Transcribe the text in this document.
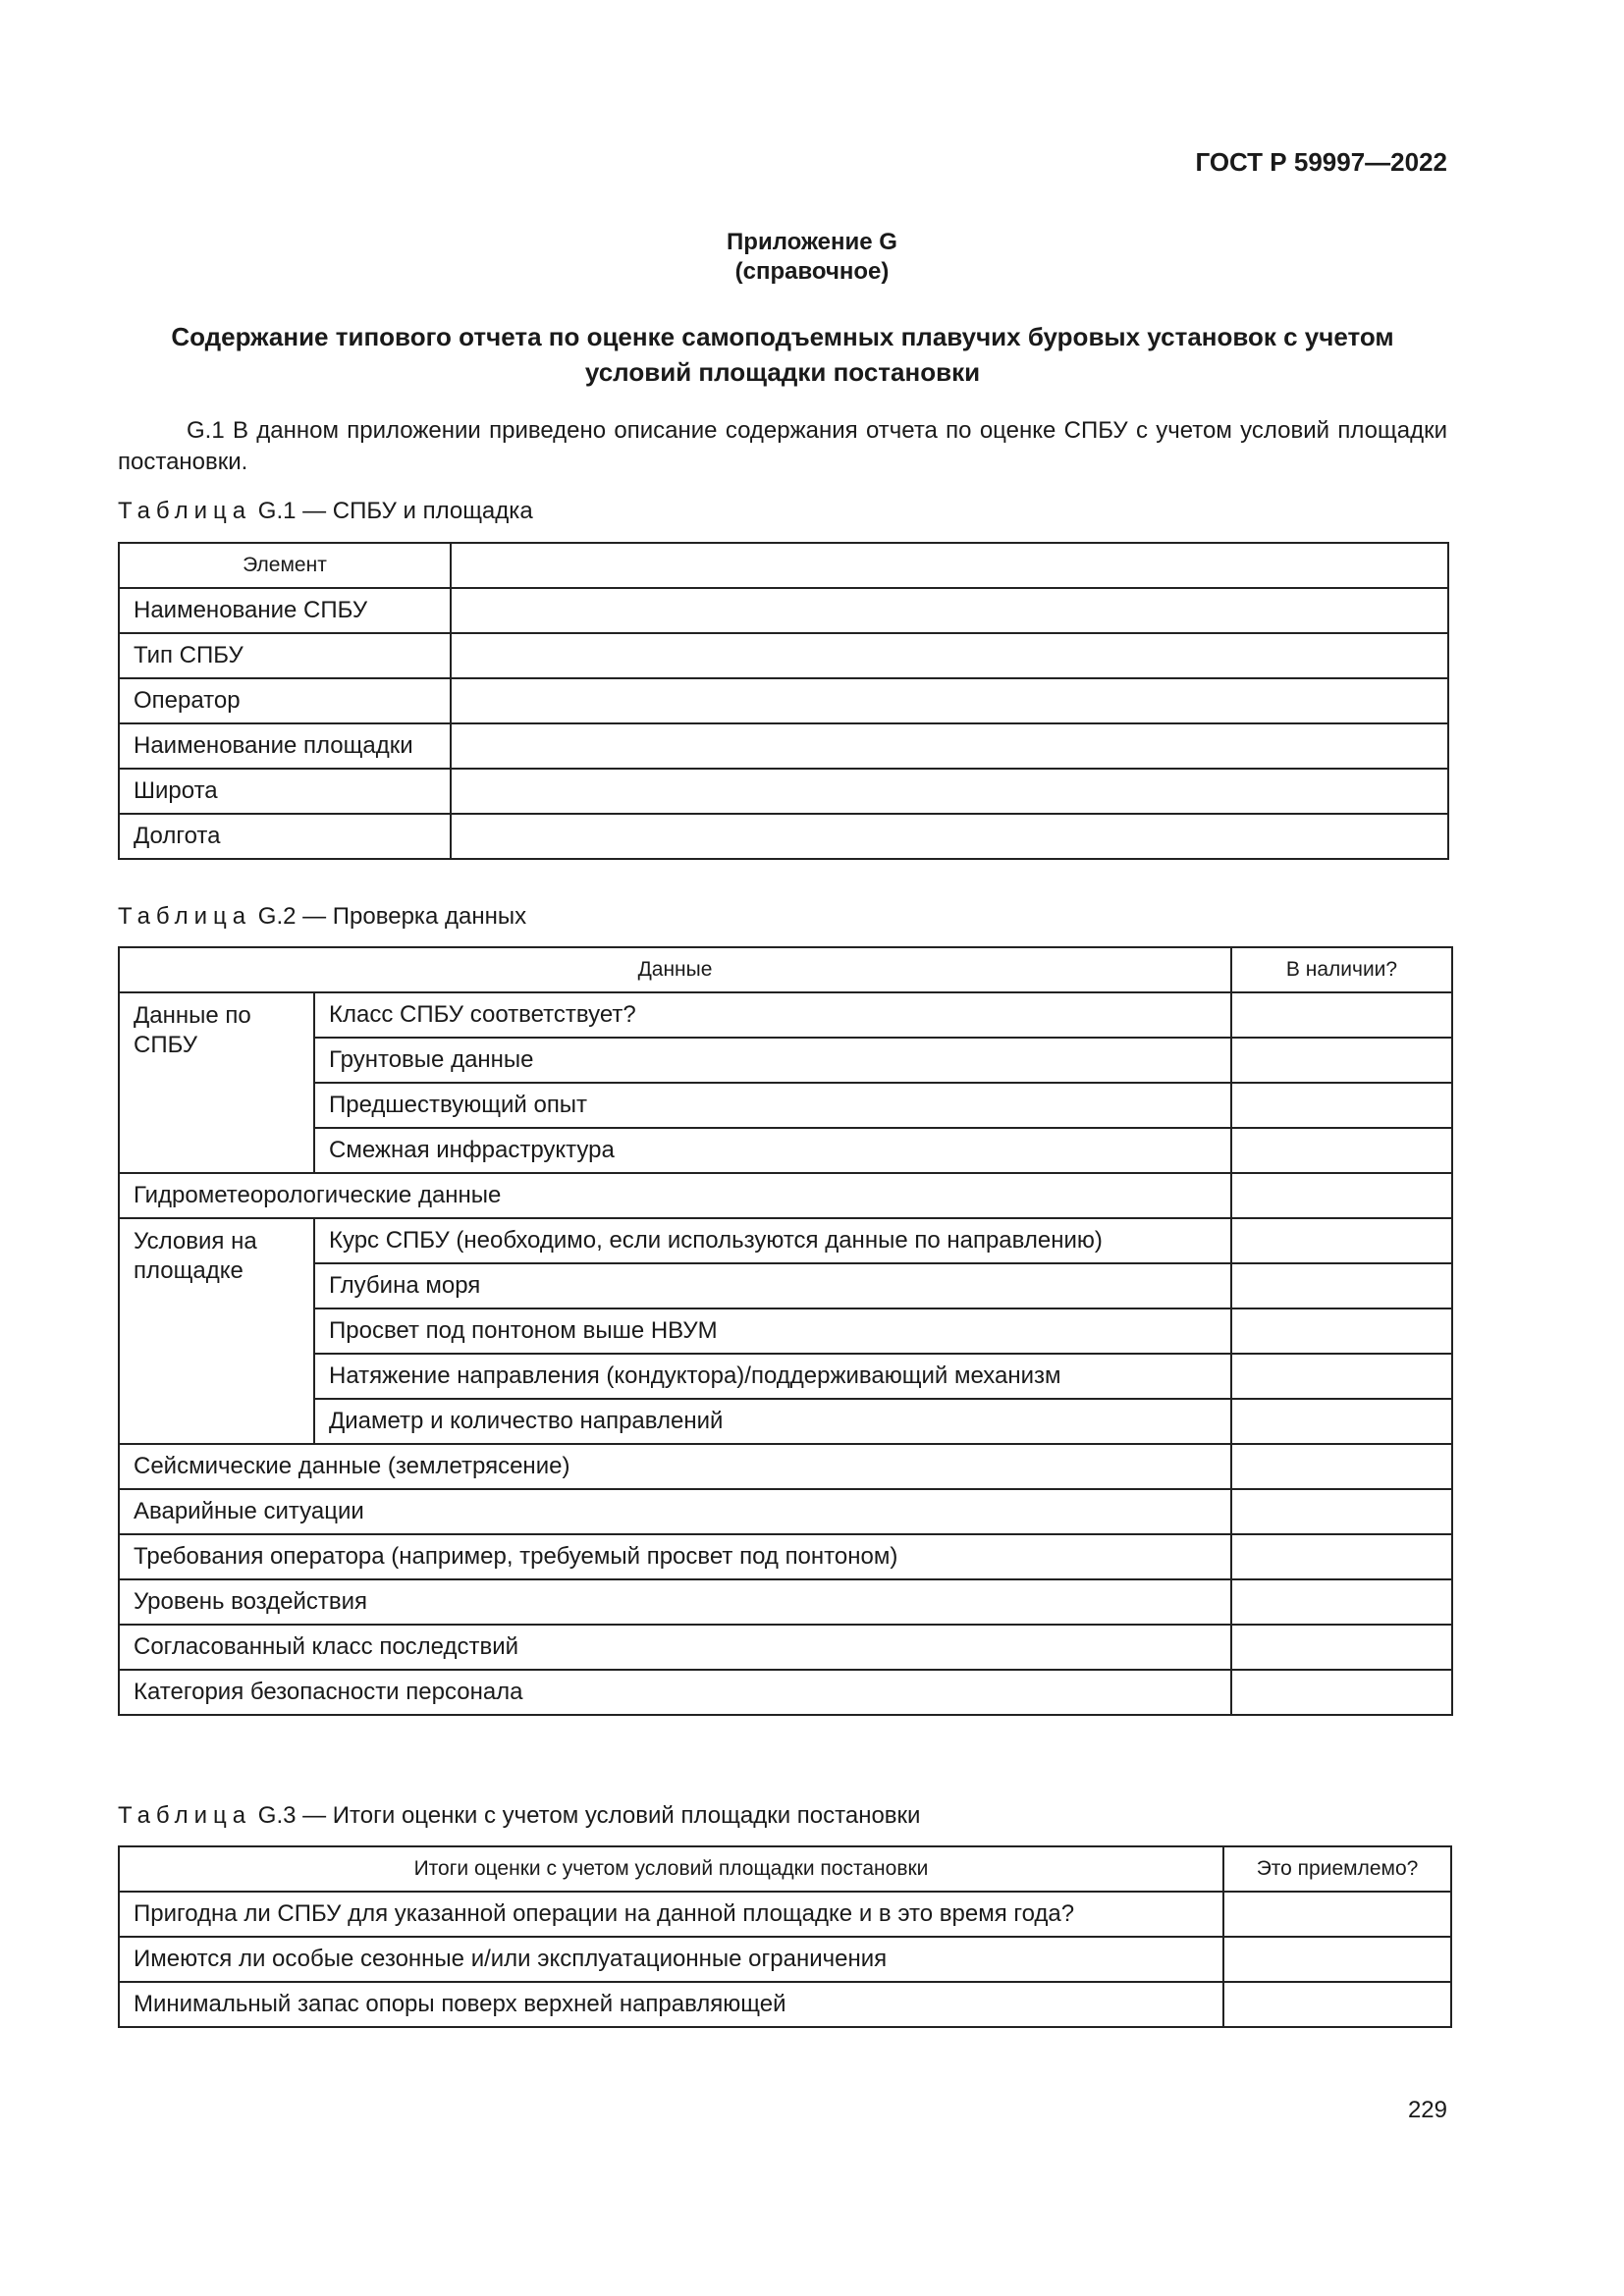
ГОСТ Р 59997—2022
Приложение G
(справочное)
Содержание типового отчета по оценке самоподъемных плавучих буровых установок с учетом условий площадки постановки
G.1 В данном приложении приведено описание содержания отчета по оценке СПБУ с учетом условий площадки постановки.
Таблица G.1 — СПБУ и площадка
Элемент	
Наименование СПБУ	
Тип СПБУ	
Оператор	
Наименование площадки	
Широта	
Долгота	
Таблица G.2 — Проверка данных
Данные		В наличии?
Данные по СПБУ	Класс СПБУ соответствует?	
	Грунтовые данные	
	Предшествующий опыт	
	Смежная инфраструктура	
Гидрометеорологические данные		
Условия на площадке	Курс СПБУ (необходимо, если используются данные по направлению)	
	Глубина моря	
	Просвет под понтоном выше НВУМ	
	Натяжение направления (кондуктора)/поддерживающий механизм	
	Диаметр и количество направлений	
Сейсмические данные (землетрясение)		
Аварийные ситуации		
Требования оператора (например, требуемый просвет под понтоном)		
Уровень воздействия		
Согласованный класс последствий		
Категория безопасности персонала		
Таблица G.3 — Итоги оценки с учетом условий площадки постановки
Итоги оценки с учетом условий площадки постановки	Это приемлемо?
Пригодна ли СПБУ для указанной операции на данной площадке и в это время года?	
Имеются ли особые сезонные и/или эксплуатационные ограничения	
Минимальный запас опоры поверх верхней направляющей	
229
